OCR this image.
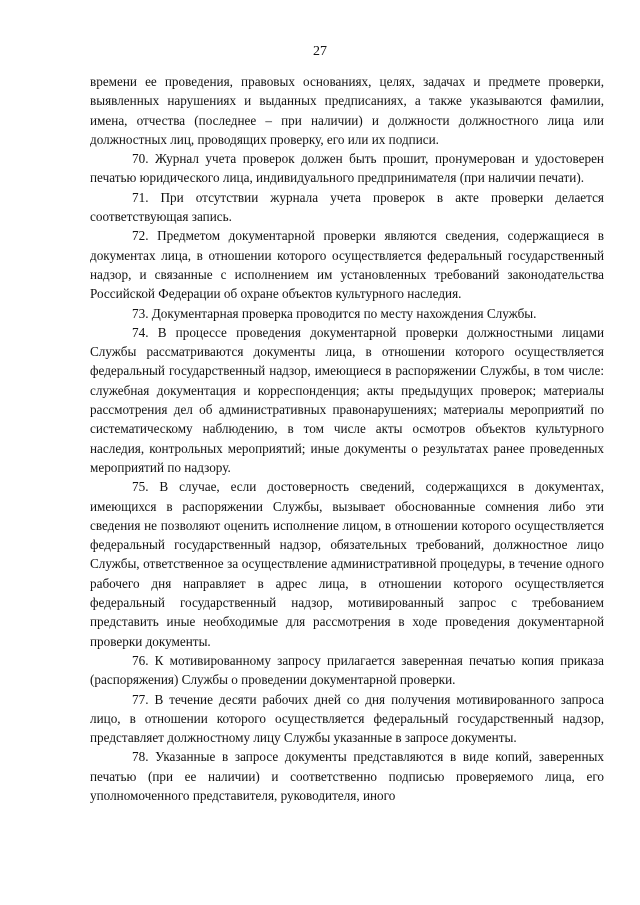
27

времени ее проведения, правовых основаниях, целях, задачах и предмете проверки, выявленных нарушениях и выданных предписаниях, а также указываются фамилии, имена, отчества (последнее – при наличии) и должности должностного лица или должностных лиц, проводящих проверку, его или их подписи.

70. Журнал учета проверок должен быть прошит, пронумерован и удостоверен печатью юридического лица, индивидуального предпринимателя (при наличии печати).

71. При отсутствии журнала учета проверок в акте проверки делается соответствующая запись.

72. Предметом документарной проверки являются сведения, содержащиеся в документах лица, в отношении которого осуществляется федеральный государственный надзор, и связанные с исполнением им установленных требований законодательства Российской Федерации об охране объектов культурного наследия.

73. Документарная проверка проводится по месту нахождения Службы.

74. В процессе проведения документарной проверки должностными лицами Службы рассматриваются документы лица, в отношении которого осуществляется федеральный государственный надзор, имеющиеся в распоряжении Службы, в том числе: служебная документация и корреспонденция; акты предыдущих проверок; материалы рассмотрения дел об административных правонарушениях; материалы мероприятий по систематическому наблюдению, в том числе акты осмотров объектов культурного наследия, контрольных мероприятий; иные документы о результатах ранее проведенных мероприятий по надзору.

75. В случае, если достоверность сведений, содержащихся в документах, имеющихся в распоряжении Службы, вызывает обоснованные сомнения либо эти сведения не позволяют оценить исполнение лицом, в отношении которого осуществляется федеральный государственный надзор, обязательных требований, должностное лицо Службы, ответственное за осуществление административной процедуры, в течение одного рабочего дня направляет в адрес лица, в отношении которого осуществляется федеральный государственный надзор, мотивированный запрос с требованием представить иные необходимые для рассмотрения в ходе проведения документарной проверки документы.

76. К мотивированному запросу прилагается заверенная печатью копия приказа (распоряжения) Службы о проведении документарной проверки.

77. В течение десяти рабочих дней со дня получения мотивированного запроса лицо, в отношении которого осуществляется федеральный государственный надзор, представляет должностному лицу Службы указанные в запросе документы.

78. Указанные в запросе документы представляются в виде копий, заверенных печатью (при ее наличии) и соответственно подписью проверяемого лица, его уполномоченного представителя, руководителя, иного
